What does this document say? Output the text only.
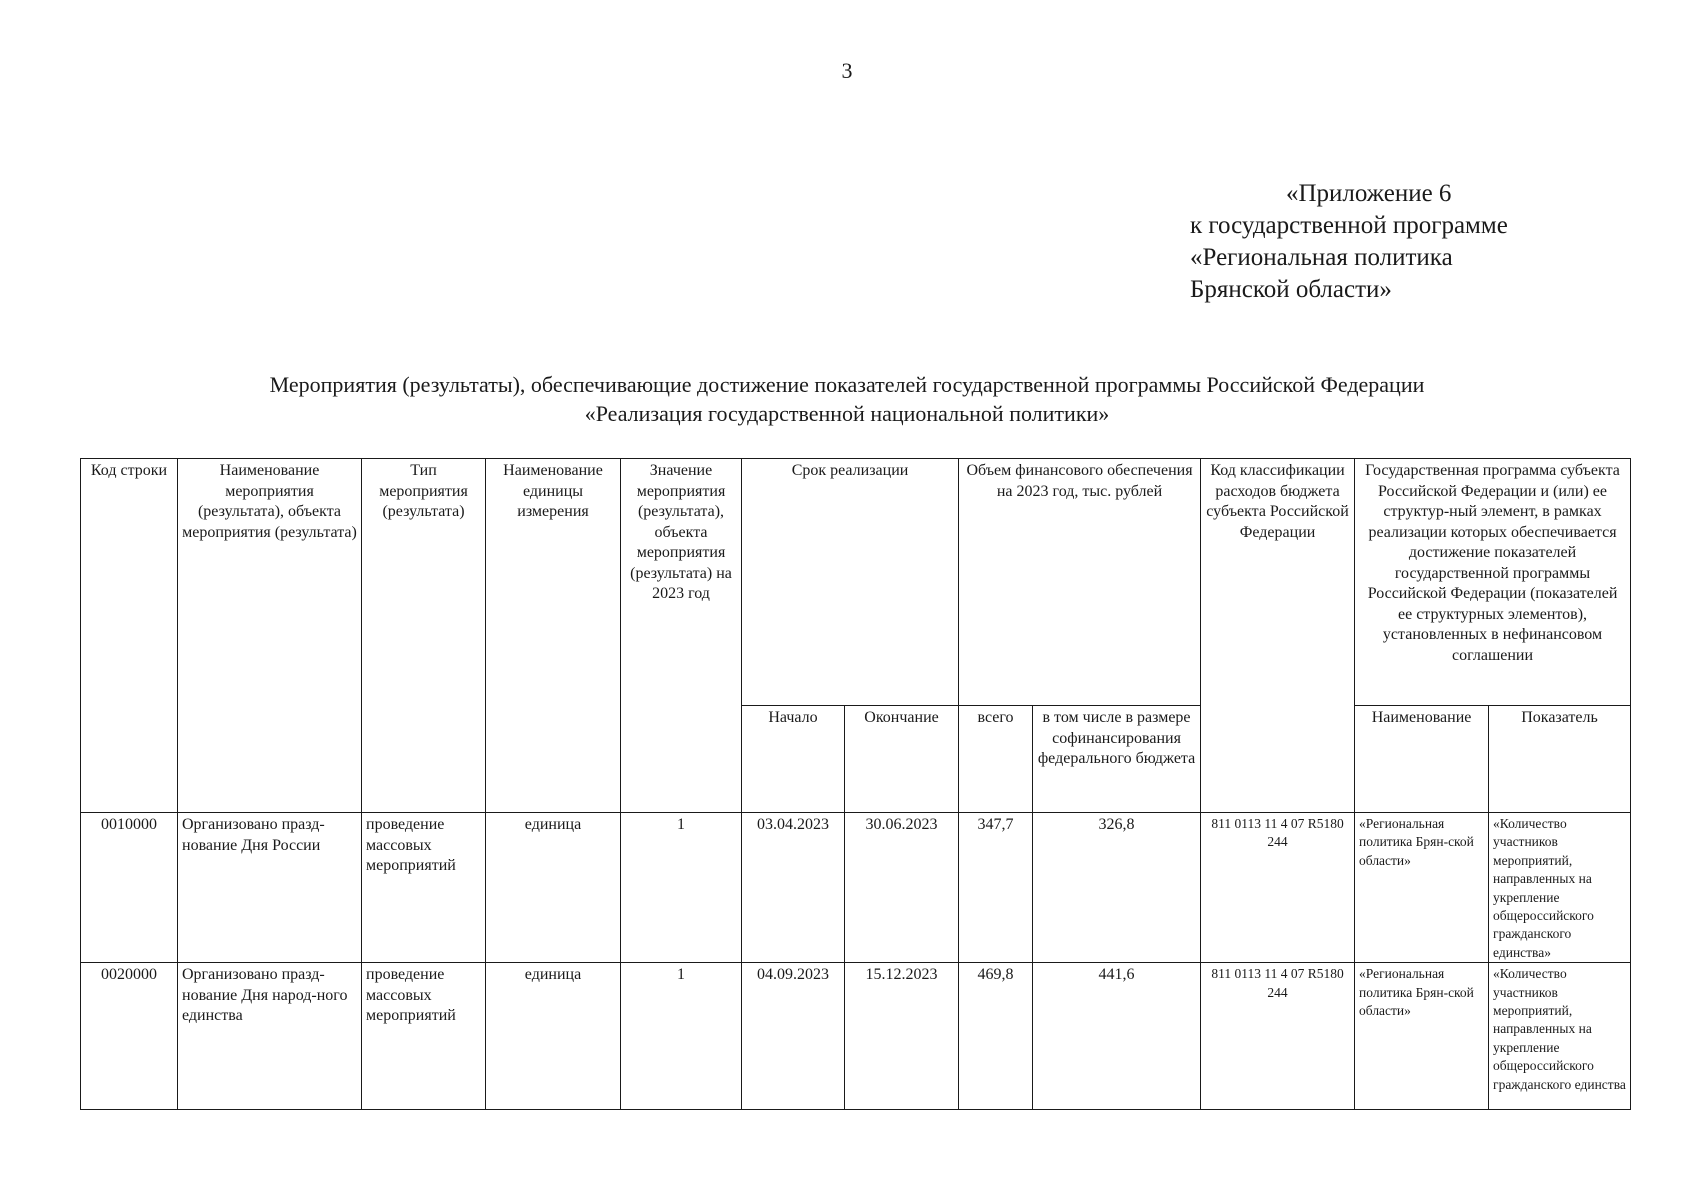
3
«Приложение 6
к государственной программе
«Региональная политика
Брянской области»
Мероприятия (результаты), обеспечивающие достижение показателей государственной программы Российской Федерации
«Реализация государственной национальной политики»
Код строки	Наименование мероприятия (результата), объекта мероприятия (результата)	Тип мероприятия (результата)	Наименование единицы измерения	Значение мероприятия (результата), объекта мероприятия (результата) на 2023 год	Срок реализации		Объем финансового обеспечения на 2023 год, тыс. рублей		Код классификации расходов бюджета субъекта Российской Федерации	Государственная программа субъекта Российской Федерации и (или) ее структур-ный элемент, в рамках реализации которых обеспечивается достижение показателей государственной программы Российской Федерации (показателей ее структурных элементов), установленных в нефинансовом соглашении	
					Начало	Окончание	всего	в том числе в размере софинансирования федерального бюджета		Наименование	Показатель
0010000	Организовано празд-нование Дня России	проведение массовых мероприятий	единица	1	03.04.2023	30.06.2023	347,7	326,8	811 0113 11 4 07 R5180 244	«Региональная политика Брян-ской области»	«Количество участников мероприятий, направленных на укрепление общероссийского гражданского единства»
0020000	Организовано празд-нование Дня народ-ного единства	проведение массовых мероприятий	единица	1	04.09.2023	15.12.2023	469,8	441,6	811 0113 11 4 07 R5180 244	«Региональная политика Брян-ской области»	«Количество участников мероприятий, направленных на укрепление общероссийского гражданского единства
